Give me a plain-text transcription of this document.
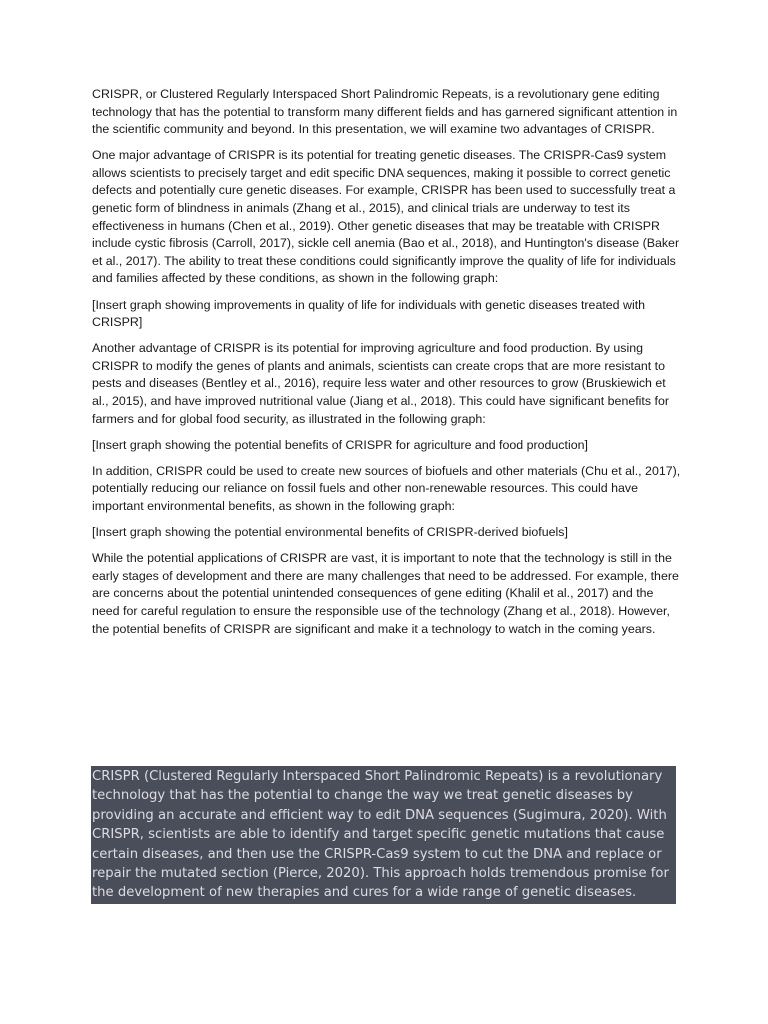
CRISPR, or Clustered Regularly Interspaced Short Palindromic Repeats, is a revolutionary gene editing technology that has the potential to transform many different fields and has garnered significant attention in the scientific community and beyond. In this presentation, we will examine two advantages of CRISPR.

One major advantage of CRISPR is its potential for treating genetic diseases. The CRISPR-Cas9 system allows scientists to precisely target and edit specific DNA sequences, making it possible to correct genetic defects and potentially cure genetic diseases. For example, CRISPR has been used to successfully treat a genetic form of blindness in animals (Zhang et al., 2015), and clinical trials are underway to test its effectiveness in humans (Chen et al., 2019). Other genetic diseases that may be treatable with CRISPR include cystic fibrosis (Carroll, 2017), sickle cell anemia (Bao et al., 2018), and Huntington's disease (Baker et al., 2017). The ability to treat these conditions could significantly improve the quality of life for individuals and families affected by these conditions, as shown in the following graph:

[Insert graph showing improvements in quality of life for individuals with genetic diseases treated with CRISPR]

Another advantage of CRISPR is its potential for improving agriculture and food production. By using CRISPR to modify the genes of plants and animals, scientists can create crops that are more resistant to pests and diseases (Bentley et al., 2016), require less water and other resources to grow (Bruskiewich et al., 2015), and have improved nutritional value (Jiang et al., 2018). This could have significant benefits for farmers and for global food security, as illustrated in the following graph:

[Insert graph showing the potential benefits of CRISPR for agriculture and food production]

In addition, CRISPR could be used to create new sources of biofuels and other materials (Chu et al., 2017), potentially reducing our reliance on fossil fuels and other non-renewable resources. This could have important environmental benefits, as shown in the following graph:

[Insert graph showing the potential environmental benefits of CRISPR-derived biofuels]

While the potential applications of CRISPR are vast, it is important to note that the technology is still in the early stages of development and there are many challenges that need to be addressed. For example, there are concerns about the potential unintended consequences of gene editing (Khalil et al., 2017) and the need for careful regulation to ensure the responsible use of the technology (Zhang et al., 2018). However, the potential benefits of CRISPR are significant and make it a technology to watch in the coming years.

CRISPR (Clustered Regularly Interspaced Short Palindromic Repeats) is a revolutionary technology that has the potential to change the way we treat genetic diseases by providing an accurate and efficient way to edit DNA sequences (Sugimura, 2020). With CRISPR, scientists are able to identify and target specific genetic mutations that cause certain diseases, and then use the CRISPR-Cas9 system to cut the DNA and replace or repair the mutated section (Pierce, 2020). This approach holds tremendous promise for the development of new therapies and cures for a wide range of genetic diseases.
